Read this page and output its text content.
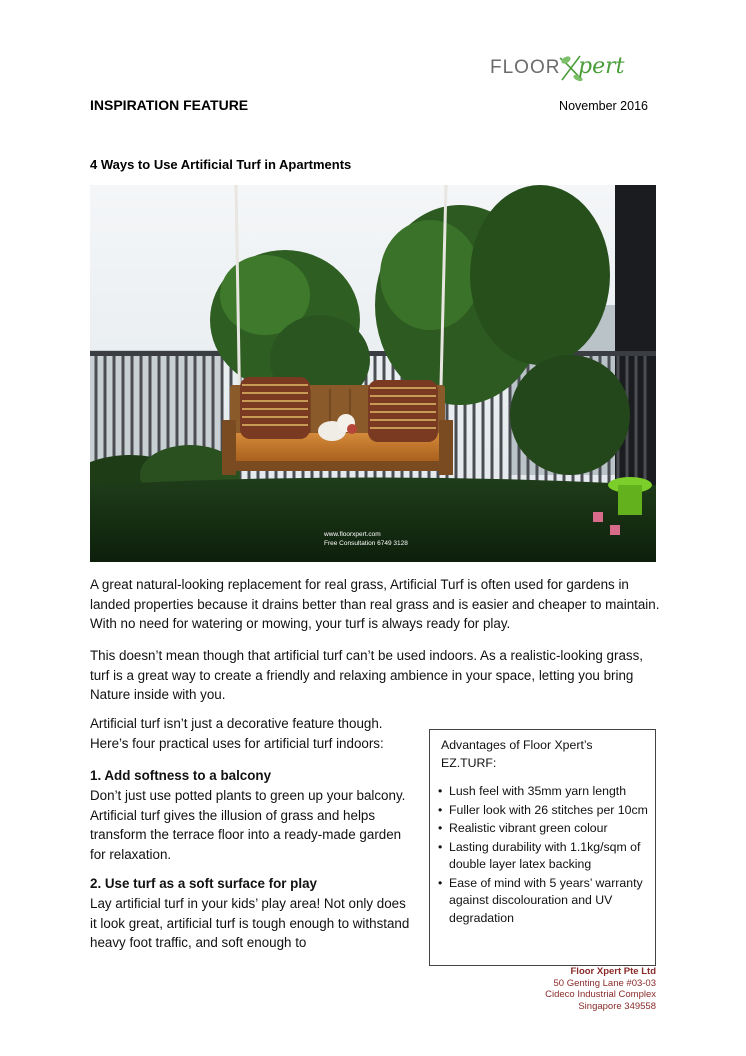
FLOOR pert
INSPIRATION FEATURE	November 2016
4 Ways to Use Artificial Turf in Apartments
www.floorxpert.com
Free Consultation 6749 3128
A great natural-looking replacement for real grass, Artificial Turf is often used for gardens in landed properties because it drains better than real grass and is easier and cheaper to maintain. With no need for watering or mowing, your turf is always ready for play.
This doesn’t mean though that artificial turf can’t be used indoors. As a realistic-looking grass, turf is a great way to create a friendly and relaxing ambience in your space, letting you bring Nature inside with you.
Artificial turf isn’t just a decorative feature though. Here’s four practical uses for artificial turf indoors:
1. Add softness to a balcony
Don’t just use potted plants to green up your balcony. Artificial turf gives the illusion of grass and helps transform the terrace floor into a ready-made garden for relaxation.
2. Use turf as a soft surface for play
Lay artificial turf in your kids’ play area! Not only does it look great, artificial turf is tough enough to withstand heavy foot traffic, and soft enough to
Advantages of Floor Xpert’s EZ.TURF:
• Lush feel with 35mm yarn length
• Fuller look with 26 stitches per 10cm
• Realistic vibrant green colour
• Lasting durability with 1.1kg/sqm of double layer latex backing
• Ease of mind with 5 years’ warranty against discolouration and UV degradation
Floor Xpert Pte Ltd
50 Genting Lane #03-03
Cideco Industrial Complex
Singapore 349558
